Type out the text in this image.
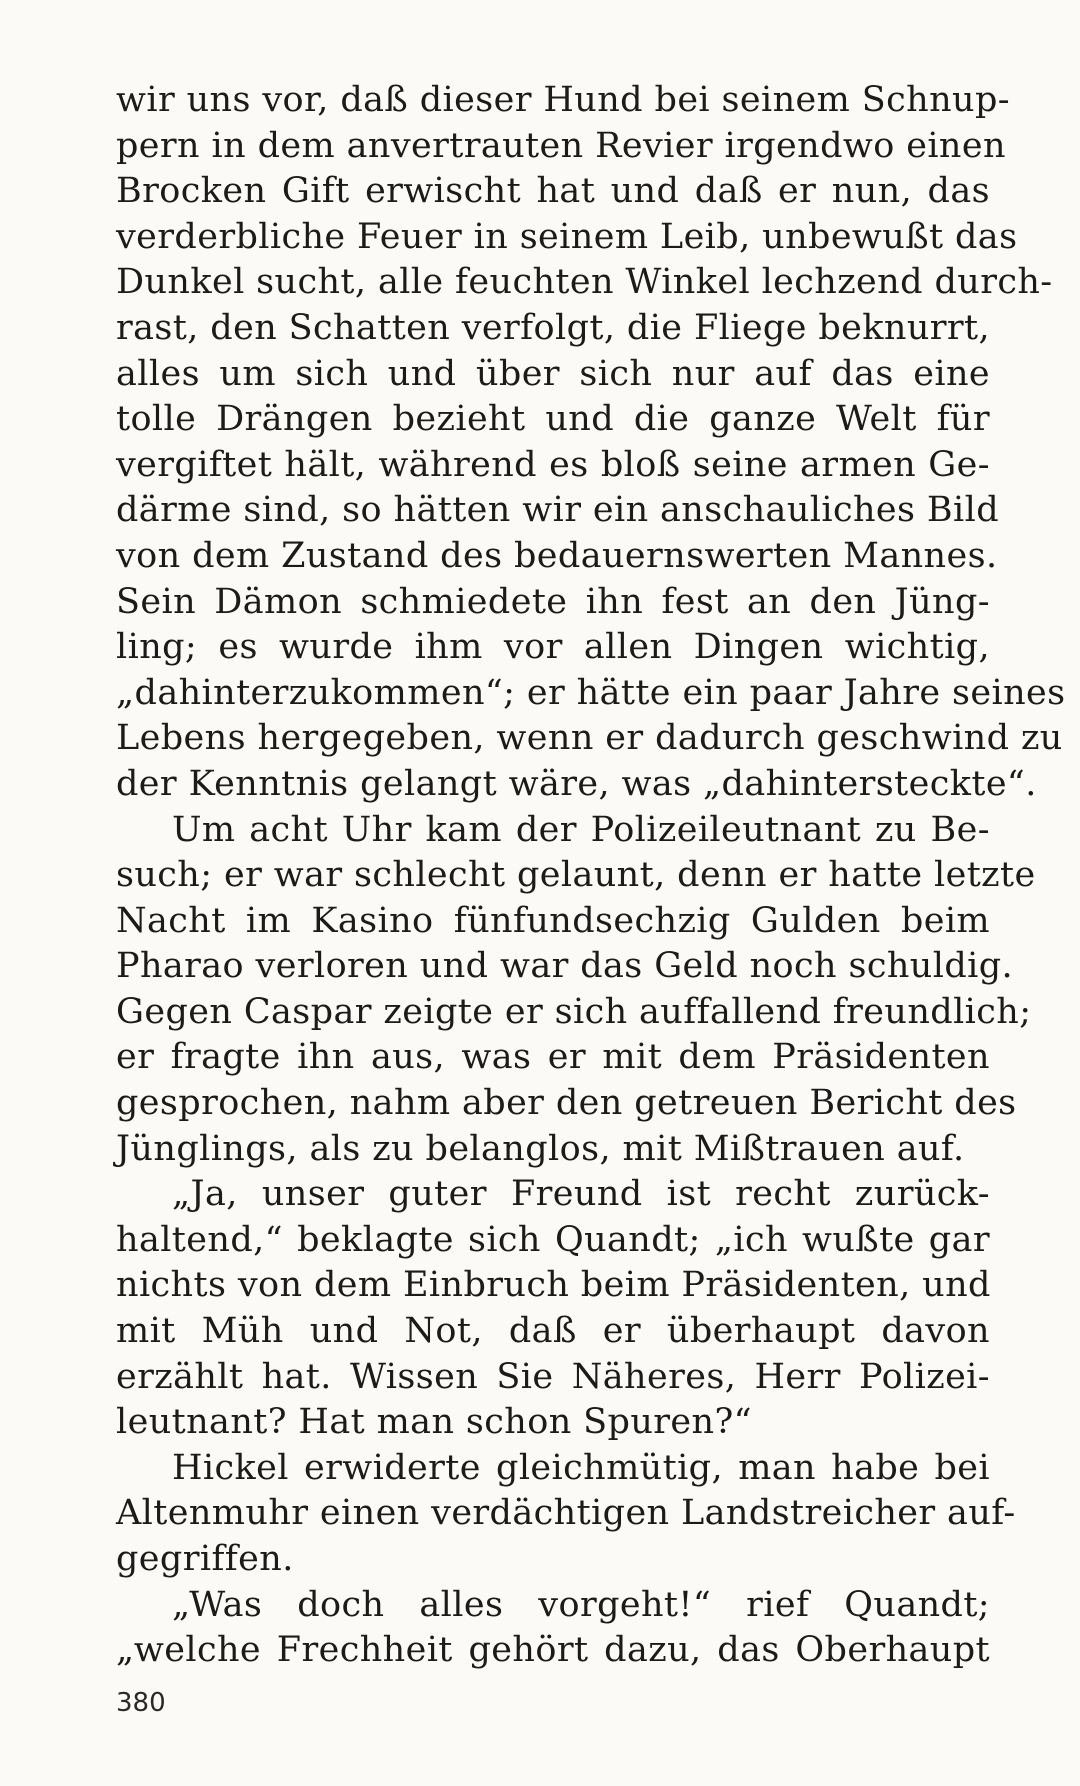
wir uns vor, daß dieser Hund bei seinem Schnup-
pern in dem anvertrauten Revier irgendwo einen
Brocken Gift erwischt hat und daß er nun, das
verderbliche Feuer in seinem Leib, unbewußt das
Dunkel sucht, alle feuchten Winkel lechzend durch-
rast, den Schatten verfolgt, die Fliege beknurrt,
alles um sich und über sich nur auf das eine
tolle Drängen bezieht und die ganze Welt für
vergiftet hält, während es bloß seine armen Ge-
därme sind, so hätten wir ein anschauliches Bild
von dem Zustand des bedauernswerten Mannes.
Sein Dämon schmiedete ihn fest an den Jüng-
ling; es wurde ihm vor allen Dingen wichtig,
„dahinterzukommen“; er hätte ein paar Jahre seines
Lebens hergegeben, wenn er dadurch geschwind zu
der Kenntnis gelangt wäre, was „dahintersteckte“.
Um acht Uhr kam der Polizeileutnant zu Be-
such; er war schlecht gelaunt, denn er hatte letzte
Nacht im Kasino fünfundsechzig Gulden beim
Pharao verloren und war das Geld noch schuldig.
Gegen Caspar zeigte er sich auffallend freundlich;
er fragte ihn aus, was er mit dem Präsidenten
gesprochen, nahm aber den getreuen Bericht des
Jünglings, als zu belanglos, mit Mißtrauen auf.
„Ja, unser guter Freund ist recht zurück-
haltend,“ beklagte sich Quandt; „ich wußte gar
nichts von dem Einbruch beim Präsidenten, und
mit Müh und Not, daß er überhaupt davon
erzählt hat. Wissen Sie Näheres, Herr Polizei-
leutnant? Hat man schon Spuren?“
Hickel erwiderte gleichmütig, man habe bei
Altenmuhr einen verdächtigen Landstreicher auf-
gegriffen.
„Was doch alles vorgeht!“ rief Quandt;
„welche Frechheit gehört dazu, das Oberhaupt
380
